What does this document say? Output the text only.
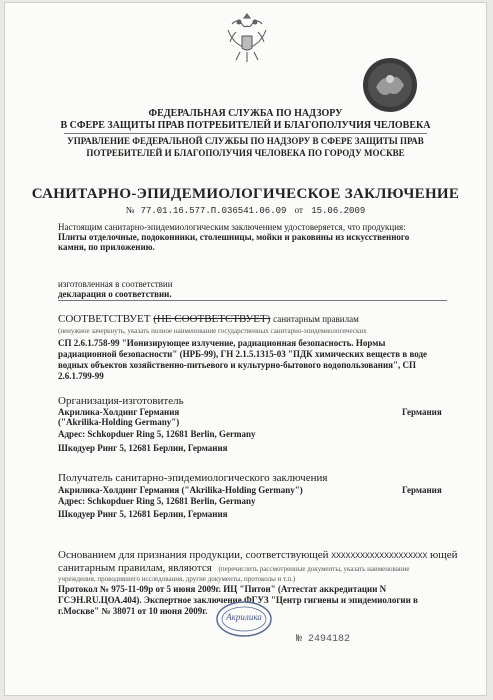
ФЕДЕРАЛЬНАЯ СЛУЖБА ПО НАДЗОРУ
В СФЕРЕ ЗАЩИТЫ ПРАВ ПОТРЕБИТЕЛЕЙ И БЛАГОПОЛУЧИЯ ЧЕЛОВЕКА
УПРАВЛЕНИЕ ФЕДЕРАЛЬНОЙ СЛУЖБЫ ПО НАДЗОРУ В СФЕРЕ ЗАЩИТЫ ПРАВ
ПОТРЕБИТЕЛЕЙ И БЛАГОПОЛУЧИЯ ЧЕЛОВЕКА ПО ГОРОДУ МОСКВЕ
САНИТАРНО-ЭПИДЕМИОЛОГИЧЕСКОЕ ЗАКЛЮЧЕНИЕ
№ 77.01.16.577.П.036541.06.09 от 15.06.2009
Настоящим санитарно-эпидемиологическим заключением удостоверяется, что продукция:
Плиты отделочные, подоконники, столешницы, мойки и раковины из искусственного
камня, по приложению.
изготовленная в соответствии
декларация о соответствии.
СООТВЕТСТВУЕТ (НЕ СООТВЕТСТВУЕТ) санитарным правилам
(ненужное зачеркнуть, указать полное наименование государственных санитарно-эпидемиологических
СП 2.6.1.758-99 "Ионизирующее излучение, радиационная безопасность. Нормы
радиационной безопасности" (НРБ-99), ГН 2.1.5.1315-03 "ПДК химических веществ в воде
водных объектов хозяйственно-питьевого и культурно-бытового водопользования", СП
2.6.1.799-99
Организация-изготовитель
Акрилика-Холдинг Германия	Германия
("Akrilika-Holding Germany")
Адрес: Schkopduer Ring 5, 12681 Berlin, Germany
Шкодуер Ринг 5, 12681 Берлин, Германия
Получатель санитарно-эпидемиологического заключения
Акрилика-Холдинг Германия ("Akrilika-Holding Germany")	Германия
Адрес: Schkopduer Ring 5, 12681 Berlin, Germany
Шкодуер Ринг 5, 12681 Берлин, Германия
Основанием для признания продукции, соответствующей XXXXXXXXXXXXXXXXXXXX ющей
санитарным правилам, являются (перечислить рассмотренные документы, указать наименование
учреждения, проводившего исследования, другие документы, протоколы и т.п.)
Протокол № 975-11-09р от 5 июня 2009г. ИЦ "Питон" (Аттестат аккредитации N
ГСЭН.RU.ЦОА.404). Экспертное заключение ФГУЗ "Центр гигиены и эпидемиологии в
г.Москве" № 38071 от 10 июня 2009г.
Акрилика
№ 2494182
